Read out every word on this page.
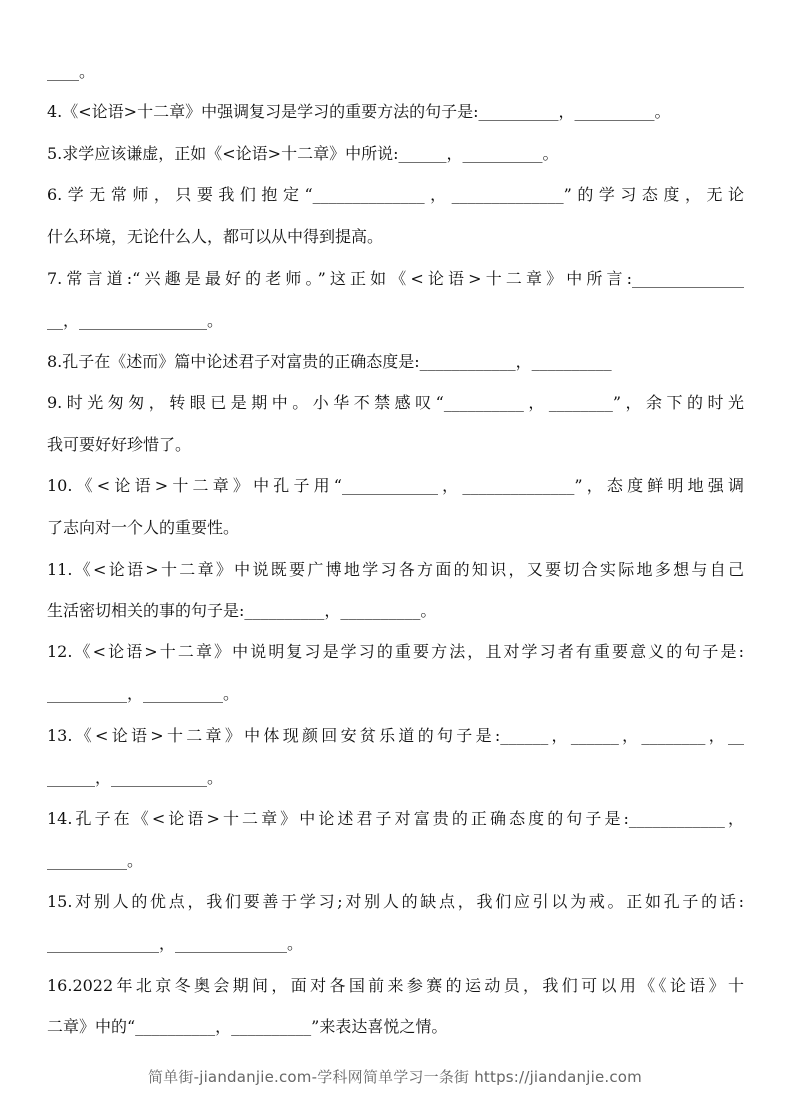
____。
4.《<论语>十二章》中强调复习是学习的重要方法的句子是:__________，__________。
5.求学应该谦虚，正如《<论语>十二章》中所说:______，__________。
6.学无常师，只要我们抱定“______________，______________”的学习态度，无论
什么环境，无论什么人，都可以从中得到提高。
7.常言道:“兴趣是最好的老师。”这正如《<论语>十二章》中所言:______________
__，________________。
8.孔子在《述而》篇中论述君子对富贵的正确态度是:____________，__________
9.时光匆匆，转眼已是期中。小华不禁感叹“__________，________”，余下的时光
我可要好好珍惜了。
10.《<论语>十二章》中孔子用“____________，______________”，态度鲜明地强调
了志向对一个人的重要性。
11.《<论语>十二章》中说既要广博地学习各方面的知识，又要切合实际地多想与自己
生活密切相关的事的句子是:__________，__________。
12.《<论语>十二章》中说明复习是学习的重要方法，且对学习者有重要意义的句子是:
__________，__________。
13.《<论语>十二章》中体现颜回安贫乐道的句子是:______，______，________，__
______，____________。
14.孔子在《<论语>十二章》中论述君子对富贵的正确态度的句子是:____________，
__________。
15.对别人的优点，我们要善于学习;对别人的缺点，我们应引以为戒。正如孔子的话:
______________，______________。
16.2022年北京冬奥会期间，面对各国前来参赛的运动员，我们可以用《《论语》十
二章》中的“__________，__________”来表达喜悦之情。
简单街-jiandanjie.com-学科网简单学习一条街 https://jiandanjie.com
